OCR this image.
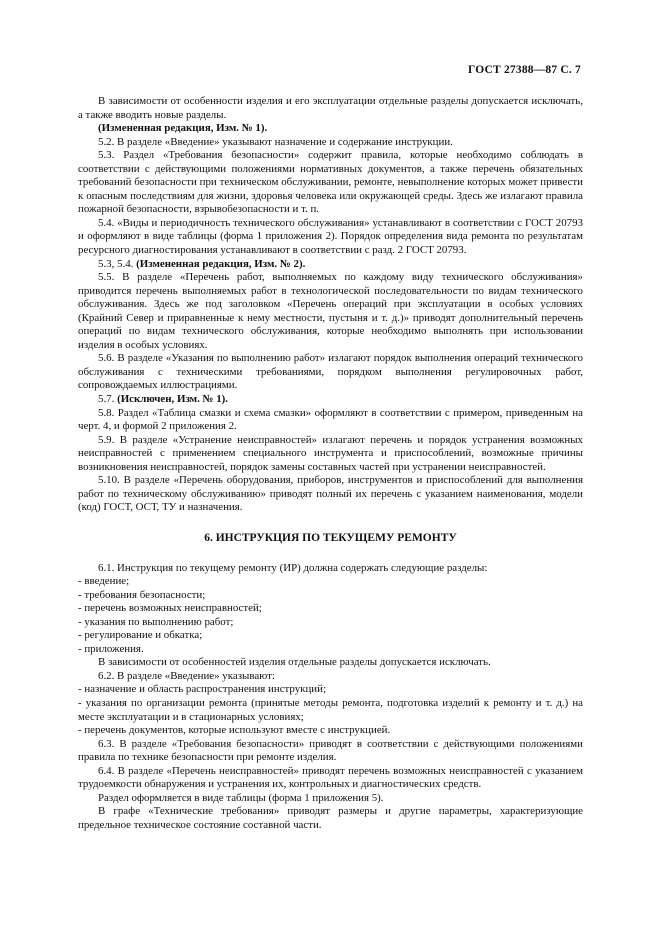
ГОСТ 27388—87 С. 7

В зависимости от особенности изделия и его эксплуатации отдельные разделы допускается исключать, а также вводить новые разделы.

(Измененная редакция, Изм. № 1).

5.2. В разделе «Введение» указывают назначение и содержание инструкции.

5.3. Раздел «Требования безопасности» содержит правила, которые необходимо соблюдать в соответствии с действующими положениями нормативных документов, а также перечень обязательных требований безопасности при техническом обслуживании, ремонте, невыполнение которых может привести к опасным последствиям для жизни, здоровья человека или окружающей среды. Здесь же излагают правила пожарной безопасности, взрывобезопасности и т. п.

5.4. «Виды и периодичность технического обслуживания» устанавливают в соответствии с ГОСТ 20793 и оформляют в виде таблицы (форма 1 приложения 2). Порядок определения вида ремонта по результатам ресурсного диагностирования устанавливают в соответствии с разд. 2 ГОСТ 20793.

5.3, 5.4. (Измененная редакция, Изм. № 2).

5.5. В разделе «Перечень работ, выполняемых по каждому виду технического обслуживания» приводится перечень выполняемых работ в технологической последовательности по видам технического обслуживания. Здесь же под заголовком «Перечень операций при эксплуатации в особых условиях (Крайний Север и приравненные к нему местности, пустыня и т. д.)» приводят дополнительный перечень операций по видам технического обслуживания, которые необходимо выполнять при использовании изделия в особых условиях.

5.6. В разделе «Указания по выполнению работ» излагают порядок выполнения операций технического обслуживания с техническими требованиями, порядком выполнения регулировочных работ, сопровождаемых иллюстрациями.

5.7. (Исключен, Изм. № 1).

5.8. Раздел «Таблица смазки и схема смазки» оформляют в соответствии с примером, приведенным на черт. 4, и формой 2 приложения 2.

5.9. В разделе «Устранение неисправностей» излагают перечень и порядок устранения возможных неисправностей с применением специального инструмента и приспособлений, возможные причины возникновения неисправностей, порядок замены составных частей при устранении неисправностей.

5.10. В разделе «Перечень оборудования, приборов, инструментов и приспособлений для выполнения работ по техническому обслуживанию» приводят полный их перечень с указанием наименования, модели (код) ГОСТ, ОСТ, ТУ и назначения.

6. ИНСТРУКЦИЯ ПО ТЕКУЩЕМУ РЕМОНТУ

6.1. Инструкция по текущему ремонту (ИР) должна содержать следующие разделы:

- введение;

- требования безопасности;

- перечень возможных неисправностей;

- указания по выполнению работ;

- регулирование и обкатка;

- приложения.

В зависимости от особенностей изделия отдельные разделы допускается исключать.

6.2. В разделе «Введение» указывают:

- назначение и область распространения инструкций;

- указания по организации ремонта (принятые методы ремонта, подготовка изделий к ремонту и т. д.) на месте эксплуатации и в стационарных условиях;

- перечень документов, которые используют вместе с инструкцией.

6.3. В разделе «Требования безопасности» приводят в соответствии с действующими положениями правила по технике безопасности при ремонте изделия.

6.4. В разделе «Перечень неисправностей» приводят перечень возможных неисправностей с указанием трудоемкости обнаружения и устранения их, контрольных и диагностических средств.

Раздел оформляется в виде таблицы (форма 1 приложения 5).

В графе «Технические требования» приводят размеры и другие параметры, характеризующие предельное техническое состояние составной части.
